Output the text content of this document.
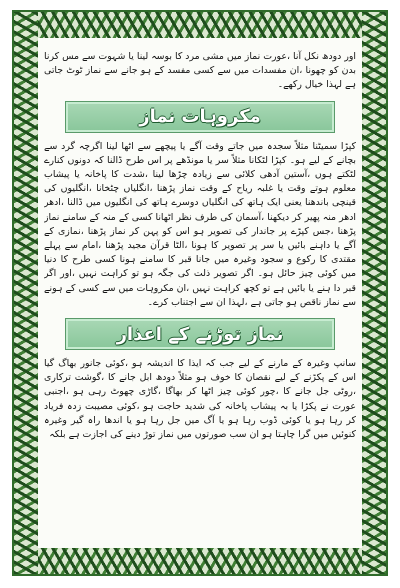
اور دودھ نکل آنا ،عورت نماز میں مشی مرد کا بوسہ لینا یا شہوت سے مس کرنا بدن کو چھونا ،ان مفسدات میں سے کسی مفسد کے ہو جانے سے نماز ٹوٹ جاتی ہے لہذا خیال رکھے۔

مکروہات نماز

کپڑا سمیٹنا مثلاً سجدہ میں جاتے وقت آگے یا پیچھے سے اٹھا لینا اگرچہ گرد سے بچانے کے لیے ہو۔ کپڑا لٹکانا مثلاً سر یا مونڈھے پر اس طرح ڈالنا کہ دونوں کنارے لٹکتے ہوں ،آستین آدھی کلائی سے زیادہ چڑھا لینا ،شدت کا پاخانہ یا پیشاب معلوم ہوتے وقت یا غلبہ ریاح کے وقت نماز پڑھنا ،انگلیاں چٹخانا ،انگلیوں کی قینچی باندھنا یعنی ایک ہاتھ کی انگلیاں دوسرے ہاتھ کی انگلیوں میں ڈالنا ،ادھر ادھر منہ پھیر کر دیکھنا ،آسمان کی طرف نظر اٹھانا کسی کے منہ کے سامنے نماز پڑھنا ،جس کپڑے پر جاندار کی تصویر ہو اس کو پہن کر نماز پڑھنا ،نمازی کے آگے یا داہنے بائیں یا سر پر تصویر کا ہونا ،الٹا قرآن مجید پڑھنا ،امام سے پہلے مقتدی کا رکوع و سجود وغیرہ میں جانا قبر کا سامنے ہونا کسی طرح کا دنیا میں کوئی چیز حائل ہو۔ اگر تصویر ذلت کی جگہ ہو تو کراہت نہیں ،اور اگر قبر دا ہنے یا بائیں ہے تو کچھ کراہت نہیں ،ان مکروہات میں سے کسی کے ہونے سے نماز ناقص ہو جاتی ہے ،لہذا ان سے اجتناب کرے۔

نماز توڑنے کے اعذار

سانپ وغیرہ کے مارنے کے لیے جب کہ ایذا کا اندیشہ ہو ،کوئی جانور بھاگ گیا اس کے پکڑنے کے لیے نقصان کا خوف ہو مثلاً دودھ ابل جانے کا ،گوشت ترکاری ،روٹی جل جانے کا ،چور کوئی چیز اٹھا کر بھاگا ،گاڑی چھوٹ رہی ہو ،اجنبی عورت نے پکڑا یا بہ پیشاب پاخانہ کی شدید حاجت ہو ،کوئی مصیبت زدہ فریاد کر رہا ہو یا کوئی ڈوب رہا ہو یا آگ میں جل رہا ہو یا اندھا راہ گیر وغیرہ کنوئیں میں گرا چاہتا ہو ان سب صورتوں میں نماز توڑ دینے کی اجازت ہے بلکہ
